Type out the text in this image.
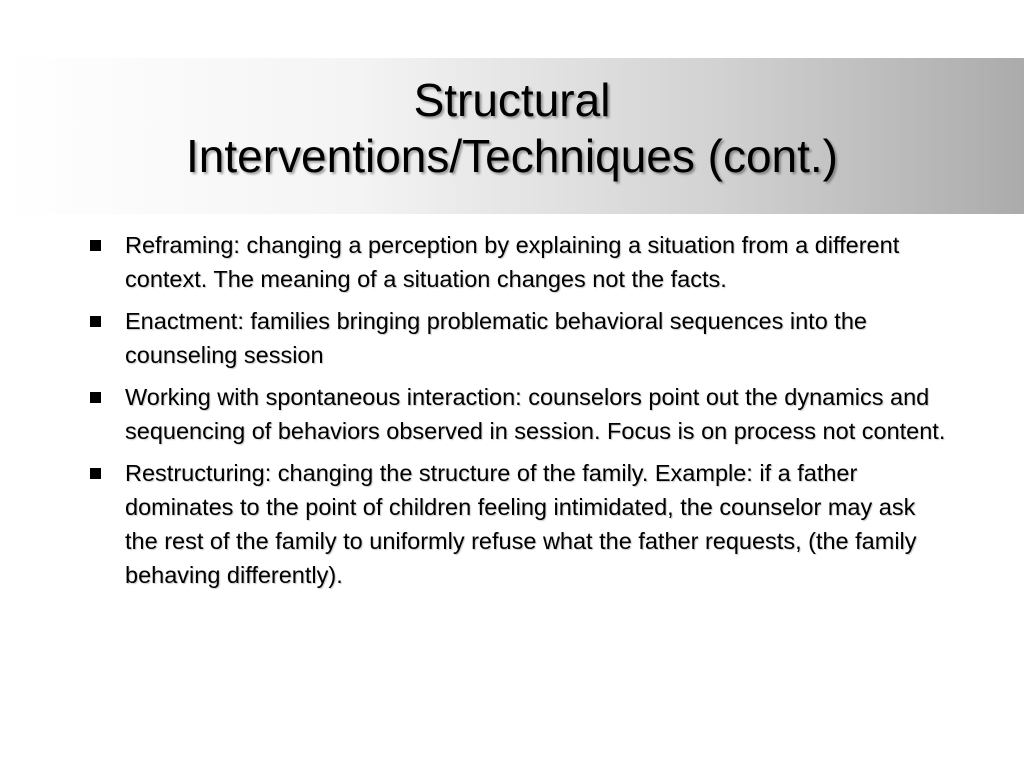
Structural
Interventions/Techniques (cont.)
Reframing: changing a perception by explaining a situation from a different context. The meaning of a situation changes not the facts.
Enactment: families bringing problematic behavioral sequences into the counseling session
Working with spontaneous interaction: counselors point out the dynamics and sequencing of behaviors observed in session. Focus is on process not content.
Restructuring: changing the structure of the family. Example: if a father dominates to the point of children feeling intimidated, the counselor may ask the rest of the family to uniformly refuse what the father requests, (the family behaving differently).
